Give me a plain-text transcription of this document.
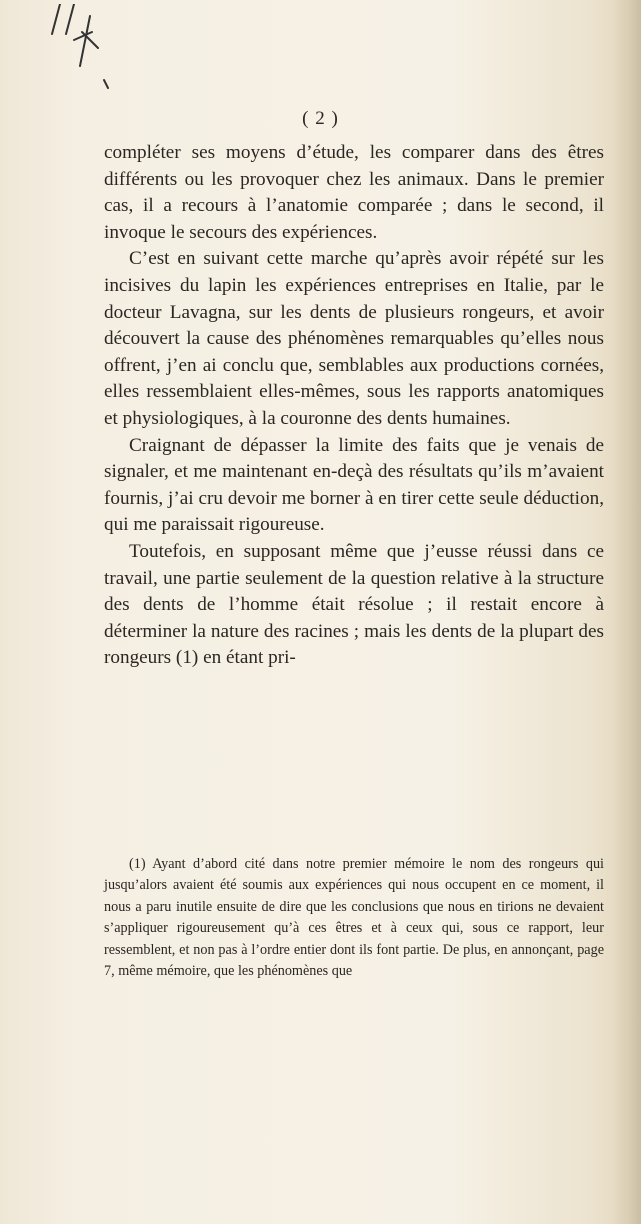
( 2 )

compléter ses moyens d’étude, les comparer dans des êtres différents ou les provoquer chez les animaux. Dans le premier cas, il a recours à l’anatomie comparée ; dans le second, il invoque le secours des expériences.

C’est en suivant cette marche qu’après avoir répété sur les incisives du lapin les expériences entreprises en Italie, par le docteur Lavagna, sur les dents de plusieurs rongeurs, et avoir découvert la cause des phénomènes remarquables qu’elles nous offrent, j’en ai conclu que, semblables aux productions cornées, elles ressemblaient elles-mêmes, sous les rapports anatomiques et physiologiques, à la couronne des dents humaines.

Craignant de dépasser la limite des faits que je venais de signaler, et me maintenant en-deçà des résultats qu’ils m’avaient fournis, j’ai cru devoir me borner à en tirer cette seule déduction, qui me paraissait rigoureuse.

Toutefois, en supposant même que j’eusse réussi dans ce travail, une partie seulement de la question relative à la structure des dents de l’homme était résolue ; il restait encore à déterminer la nature des racines ; mais les dents de la plupart des rongeurs (1) en étant pri-

(1) Ayant d’abord cité dans notre premier mémoire le nom des rongeurs qui jusqu’alors avaient été soumis aux expériences qui nous occupent en ce moment, il nous a paru inutile ensuite de dire que les conclusions que nous en tirions ne devaient s’appliquer rigoureusement qu’à ces êtres et à ceux qui, sous ce rapport, leur ressemblent, et non pas à l’ordre entier dont ils font partie. De plus, en annonçant, page 7, même mémoire, que les phénomènes que
